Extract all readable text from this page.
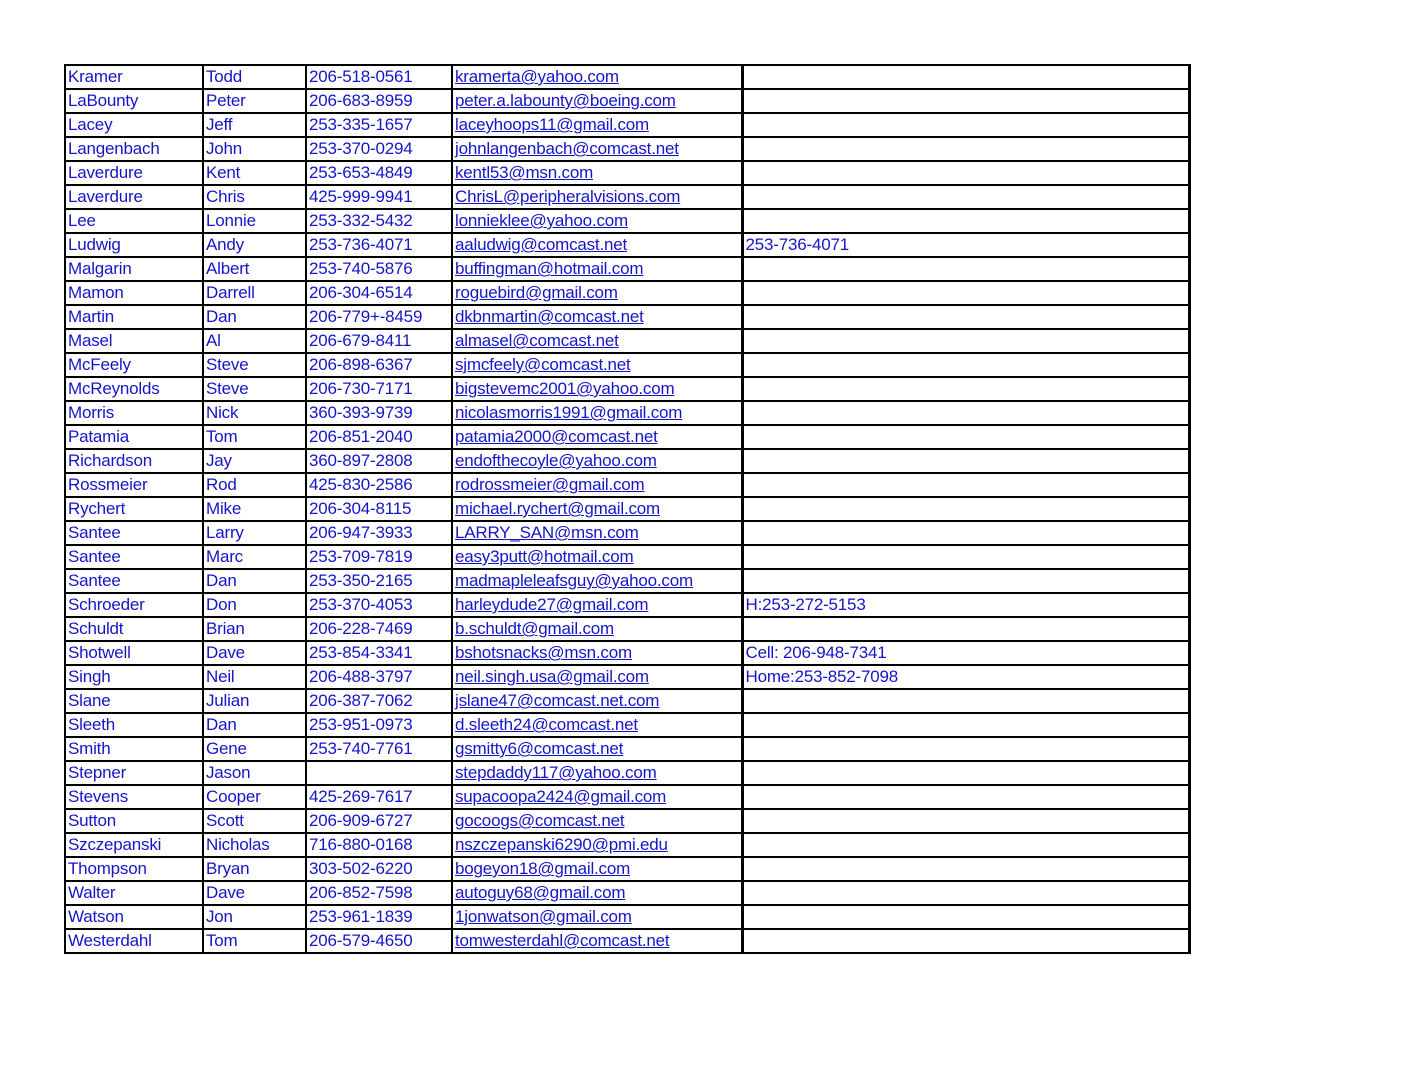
Kramer	Todd	206-518-0561	kramerta@yahoo.com	
LaBounty	Peter	206-683-8959	peter.a.labounty@boeing.com	
Lacey	Jeff	253-335-1657	laceyhoops11@gmail.com	
Langenbach	John	253-370-0294	johnlangenbach@comcast.net	
Laverdure	Kent	253-653-4849	kentl53@msn.com	
Laverdure	Chris	425-999-9941	ChrisL@peripheralvisions.com	
Lee	Lonnie	253-332-5432	lonnieklee@yahoo.com	
Ludwig	Andy	253-736-4071	aaludwig@comcast.net	253-736-4071
Malgarin	Albert	253-740-5876	buffingman@hotmail.com	
Mamon	Darrell	206-304-6514	roguebird@gmail.com	
Martin	Dan	206-779+-8459	dkbnmartin@comcast.net	
Masel	Al	206-679-8411	almasel@comcast.net	
McFeely	Steve	206-898-6367	sjmcfeely@comcast.net	
McReynolds	Steve	206-730-7171	bigstevemc2001@yahoo.com	
Morris	Nick	360-393-9739	nicolasmorris1991@gmail.com	
Patamia	Tom	206-851-2040	patamia2000@comcast.net	
Richardson	Jay	360-897-2808	endofthecoyle@yahoo.com	
Rossmeier	Rod	425-830-2586	rodrossmeier@gmail.com	
Rychert	Mike	206-304-8115	michael.rychert@gmail.com	
Santee	Larry	206-947-3933	LARRY_SAN@msn.com	
Santee	Marc	253-709-7819	easy3putt@hotmail.com	
Santee	Dan	253-350-2165	madmapleleafsguy@yahoo.com	
Schroeder	Don	253-370-4053	harleydude27@gmail.com	H:253-272-5153
Schuldt	Brian	206-228-7469	b.schuldt@gmail.com	
Shotwell	Dave	253-854-3341	bshotsnacks@msn.com	Cell: 206-948-7341
Singh	Neil	206-488-3797	neil.singh.usa@gmail.com	Home:253-852-7098
Slane	Julian	206-387-7062	jslane47@comcast.net.com	
Sleeth	Dan	253-951-0973	d.sleeth24@comcast.net	
Smith	Gene	253-740-7761	gsmitty6@comcast.net	
Stepner	Jason		stepdaddy117@yahoo.com	
Stevens	Cooper	425-269-7617	supacoopa2424@gmail.com	
Sutton	Scott	206-909-6727	gocoogs@comcast.net	
Szczepanski	Nicholas	716-880-0168	nszczepanski6290@pmi.edu	
Thompson	Bryan	303-502-6220	bogeyon18@gmail.com	
Walter	Dave	206-852-7598	autoguy68@gmail.com	
Watson	Jon	253-961-1839	1jonwatson@gmail.com	
Westerdahl	Tom	206-579-4650	tomwesterdahl@comcast.net	
